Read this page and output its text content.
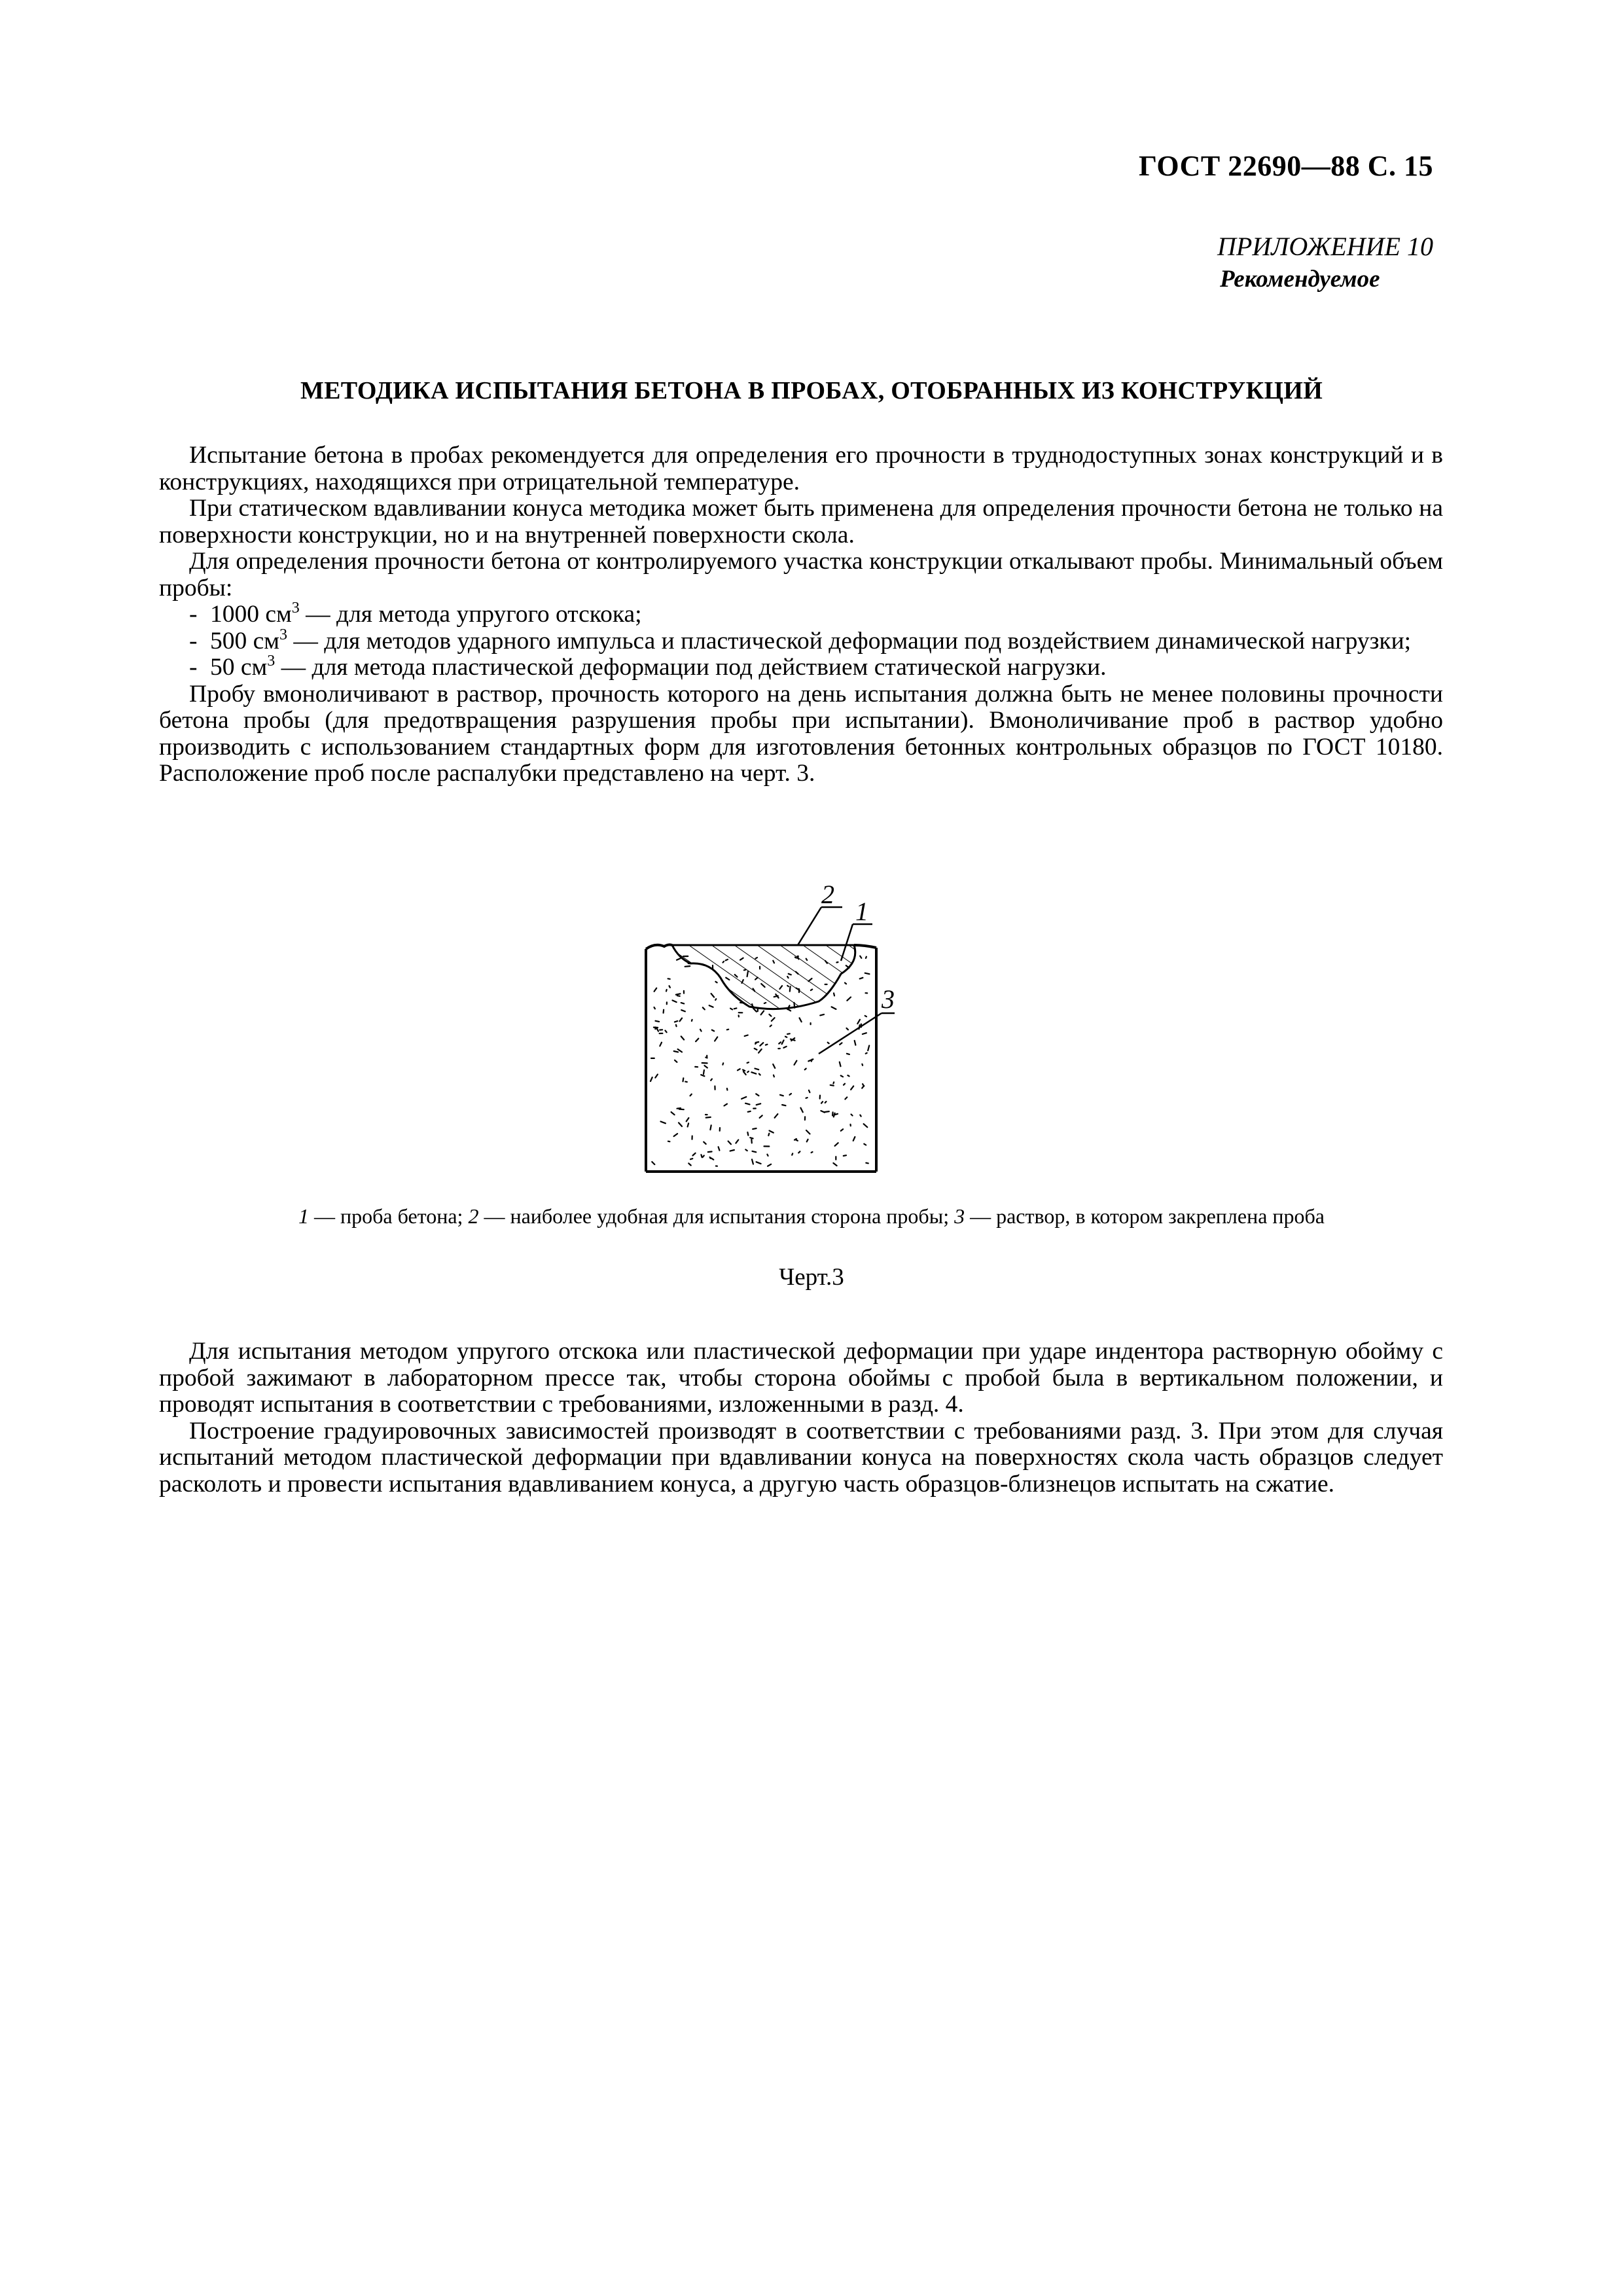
ГОСТ 22690—88 С. 15
ПРИЛОЖЕНИЕ 10
Рекомендуемое
МЕТОДИКА ИСПЫТАНИЯ БЕТОНА В ПРОБАХ, ОТОБРАННЫХ ИЗ КОНСТРУКЦИЙ

Испытание бетона в пробах рекомендуется для определения его прочности в труднодоступных зонах конструкций и в конструкциях, находящихся при отрицательной температуре.

При статическом вдавливании конуса методика может быть применена для определения прочности бетона не только на поверхности конструкции, но и на внутренней поверхности скола.

Для определения прочности бетона от контролируемого участка конструкции откалывают пробы. Минимальный объем пробы:

- 1000 $см^3$ — для метода упругого отскока;

- 500 $см^3$ — для методов ударного импульса и пластической деформации под воздействием динамической нагрузки;

- 50 $см^3$ — для метода пластической деформации под действием статической нагрузки.

Пробу вмоноличивают в раствор, прочность которого на день испытания должна быть не менее половины прочности бетона пробы (для предотвращения разрушения пробы при испытании). Вмоноличивание проб в раствор удобно производить с использованием стандартных форм для изготовления бетонных контрольных образцов по ГОСТ 10180. Расположение проб после распалубки представлено на черт. 3.

2
1
3
1 — проба бетона; 2 — наиболее удобная для испытания сторона пробы; 3 — раствор, в котором закреплена проба
Черт.3

Для испытания методом упругого отскока или пластической деформации при ударе индентора растворную обойму с пробой зажимают в лабораторном прессе так, чтобы сторона обоймы с пробой была в вертикальном положении, и проводят испытания в соответствии с требованиями, изложенными в разд. 4.

Построение градуировочных зависимостей производят в соответствии с требованиями разд. 3. При этом для случая испытаний методом пластической деформации при вдавливании конуса на поверхностях скола часть образцов следует расколоть и провести испытания вдавливанием конуса, а другую часть образцов-близнецов испытать на сжатие.
